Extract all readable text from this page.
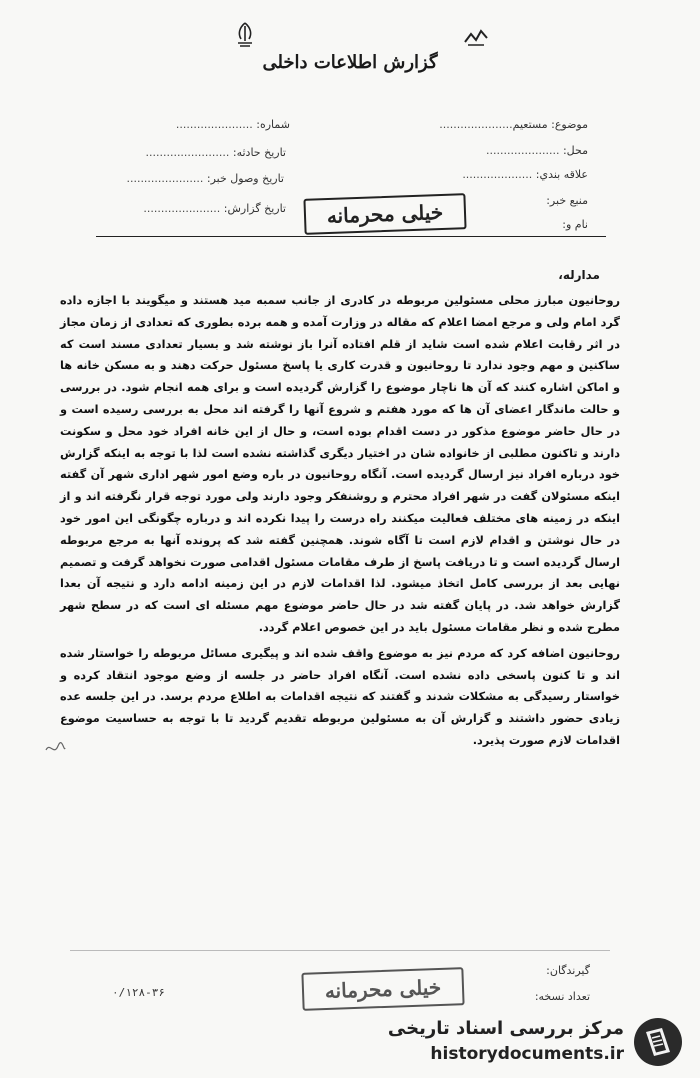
گزارش اطلاعات داخلی
موضوع: مستعیم.....................
محل: .....................
علاقه بندي: ....................
منبع خبر:
نام و:
شماره: ......................
تاریخ حادثه: ........................
تاریخ وصول خبر: ......................
تاریخ گزارش: ......................	خیلی محرمانه
مدارله،

روحانیون مبارز محلی مسئولین مربوطه در کادری از جانب سمبه مید هستند و میگویند با اجازه داده گرد امام ولی و مرجع امضا اعلام که مقاله در وزارت آمده و همه برده بطوری که تعدادی از زمان مجاز در اثر رقابت اعلام شده است شاید از قلم افتاده آنرا باز نوشته شد و بسیار تعدادی مسند است که ساکنین و مهم وجود ندارد تا روحانیون و قدرت کاری یا پاسخ مسئول حرکت دهند و به مسکن خانه ها و اماکن اشاره کنند که آن ها ناچار موضوع را گزارش گردیده است و برای همه انجام شود. در بررسی و حالت ماندگار اعضای آن ها که مورد هفتم و شروع آنها را گرفته اند محل به بررسی رسیده است و در حال حاضر موضوع مذکور در دست اقدام بوده است، و حال از این خانه افراد خود محل و سکونت دارند و تاکنون مطلبی از خانواده شان در اختیار دیگری گذاشته نشده است لذا با توجه به اینکه گزارش خود درباره افراد نیز ارسال گردیده است. آنگاه روحانیون در باره وضع امور شهر اداری شهر آن گفته اینکه مسئولان گفت در شهر افراد محترم و روشنفکر وجود دارند ولی مورد توجه قرار نگرفته اند و از اینکه در زمینه های مختلف فعالیت میکنند راه درست را پیدا نکرده اند و درباره چگونگی این امور خود در حال نوشتن و اقدام لازم است تا آگاه شوند. همچنین گفته شد که پرونده آنها به مرجع مربوطه ارسال گردیده است و تا دریافت پاسخ از طرف مقامات مسئول اقدامی صورت نخواهد گرفت و تصمیم نهایی بعد از بررسی کامل اتخاذ میشود. لذا اقدامات لازم در این زمینه ادامه دارد و نتیجه آن بعدا گزارش خواهد شد. در پایان گفته شد در حال حاضر موضوع مهم مسئله ای است که در سطح شهر مطرح شده و نظر مقامات مسئول باید در این خصوص اعلام گردد.

روحانیون اضافه کرد که مردم نیز به موضوع واقف شده اند و پیگیری مسائل مربوطه را خواستار شده اند و تا کنون پاسخی داده نشده است. آنگاه افراد حاضر در جلسه از وضع موجود انتقاد کرده و خواستار رسیدگی به مشکلات شدند و گفتند که نتیجه اقدامات به اطلاع مردم برسد. در این جلسه عده زیادی حضور داشتند و گزارش آن به مسئولین مربوطه تقدیم گردید تا با توجه به حساسیت موضوع اقدامات لازم صورت پذیرد.

گیرندگان:
تعداد نسخه:
۰/۱۲۸-۳۶	خیلی محرمانه
مرکز بررسی اسناد تاریخی
historydocuments.ir
